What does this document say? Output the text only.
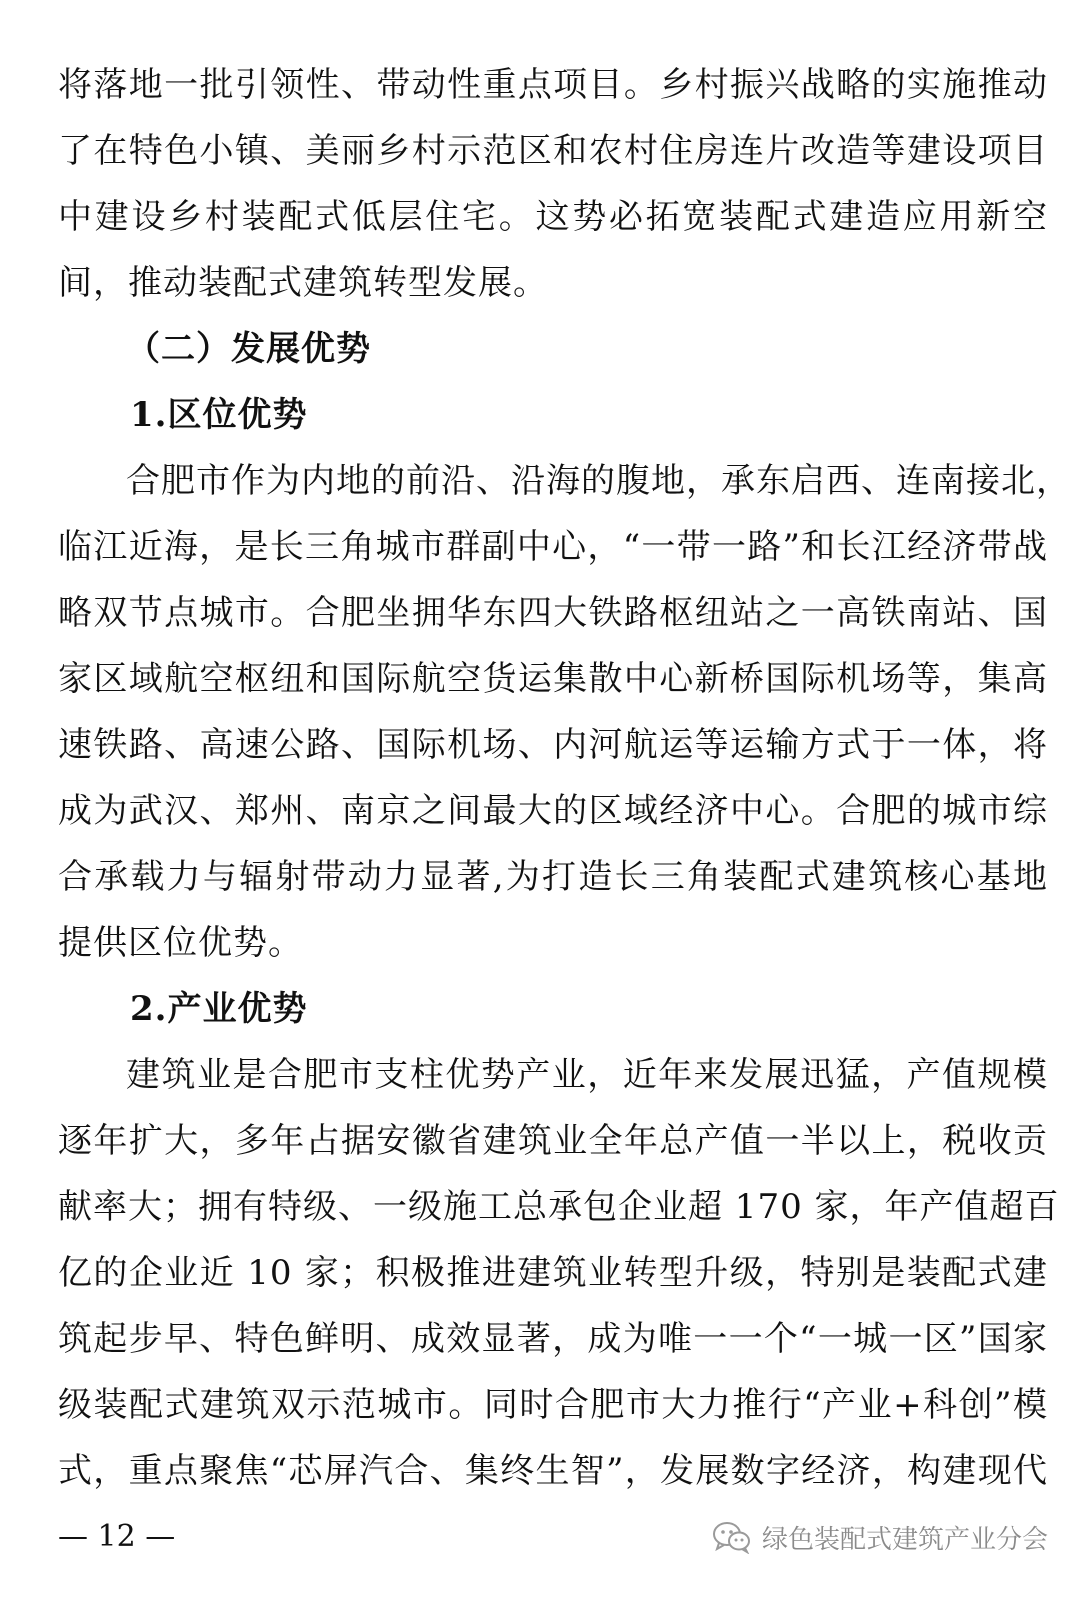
将落地一批引领性、带动性重点项目。乡村振兴战略的实施推动
了在特色小镇、美丽乡村示范区和农村住房连片改造等建设项目
中建设乡村装配式低层住宅。这势必拓宽装配式建造应用新空
间，推动装配式建筑转型发展。
（二）发展优势
1.区位优势
合肥市作为内地的前沿、沿海的腹地，承东启西、连南接北，
临江近海，是长三角城市群副中心，“一带一路”和长江经济带战
略双节点城市。合肥坐拥华东四大铁路枢纽站之一高铁南站、国
家区域航空枢纽和国际航空货运集散中心新桥国际机场等，集高
速铁路、高速公路、国际机场、内河航运等运输方式于一体，将
成为武汉、郑州、南京之间最大的区域经济中心。合肥的城市综
合承载力与辐射带动力显著,为打造长三角装配式建筑核心基地
提供区位优势。
2.产业优势
建筑业是合肥市支柱优势产业，近年来发展迅猛，产值规模
逐年扩大，多年占据安徽省建筑业全年总产值一半以上，税收贡
献率大；拥有特级、一级施工总承包企业超 170 家，年产值超百
亿的企业近 10 家；积极推进建筑业转型升级，特别是装配式建
筑起步早、特色鲜明、成效显著，成为唯一一个“一城一区”国家
级装配式建筑双示范城市。同时合肥市大力推行“产业+科创”模
式，重点聚焦“芯屏汽合、集终生智”，发展数字经济，构建现代
— 12 —	绿色装配式建筑产业分会
